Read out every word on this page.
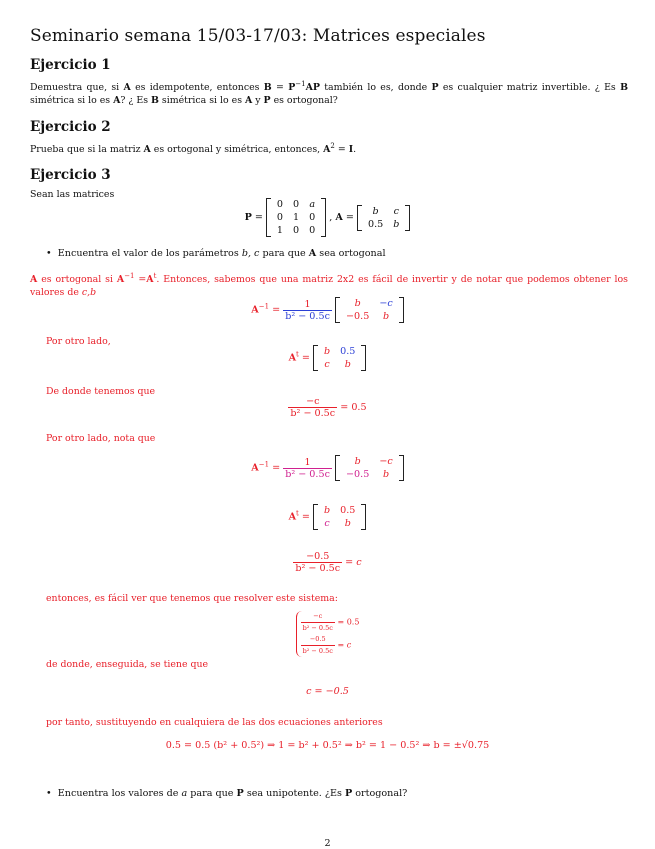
Seminario semana 15/03-17/03: Matrices especiales
Ejercicio 1
Demuestra que, si A es idempotente, entonces $B = P^{-1}AP$ también lo es, donde P es cualquier matriz invertible. ¿ Es B simétrica si lo es A? ¿ Es B simétrica si lo es A y P es ortogonal?
Ejercicio 2
Prueba que si la matriz A es ortogonal y simétrica, entonces, $A^2 = I$.
Ejercicio 3
Sean las matrices
P =
0	0	a
0	1	0
1	0	0
, A =
b	c
0.5	b
•  Encuentra el valor de los parámetros b, c para que A sea ortogonal
A es ortogonal si $A^{-1} =A^t$. Entonces, sabemos que una matriz 2x2 es fácil de invertir y de notar que podemos obtener los valores de c,b
$A^{-1} = \frac{1}{\text{b² − 0.5c}}$
b	−c
−0.5	b
Por otro lado,
$A^t$ =
b	0.5
c	b
De donde tenemos que
$\frac{-c}{\text{b² − 0.5c}} = 0.5$
Por otro lado, nota que
$A^{-1} = \frac{1}{\text{b² − 0.5c}}$
b	−c
−0.5	b
$A^t$ =
b	0.5
c	b
$\frac{-0.5}{\text{b² − 0.5c}} = c$
entonces, es fácil ver que tenemos que resolver este sistema:
$\frac{-c}{\text{b² − 0.5c}} = 0.5$
$\frac{-0.5}{\text{b² − 0.5c}} = c$
de donde, enseguida, se tiene que
c = −0.5
por tanto, sustituyendo en cualquiera de las dos ecuaciones anteriores
0.5 = 0.5 (b² + 0.5²) ⇒ 1 = b² + 0.5² ⇒ b² = 1 − 0.5² ⇒ b = ±√0.75
•  Encuentra los valores de a para que P sea unipotente. ¿Es P ortogonal?
2
